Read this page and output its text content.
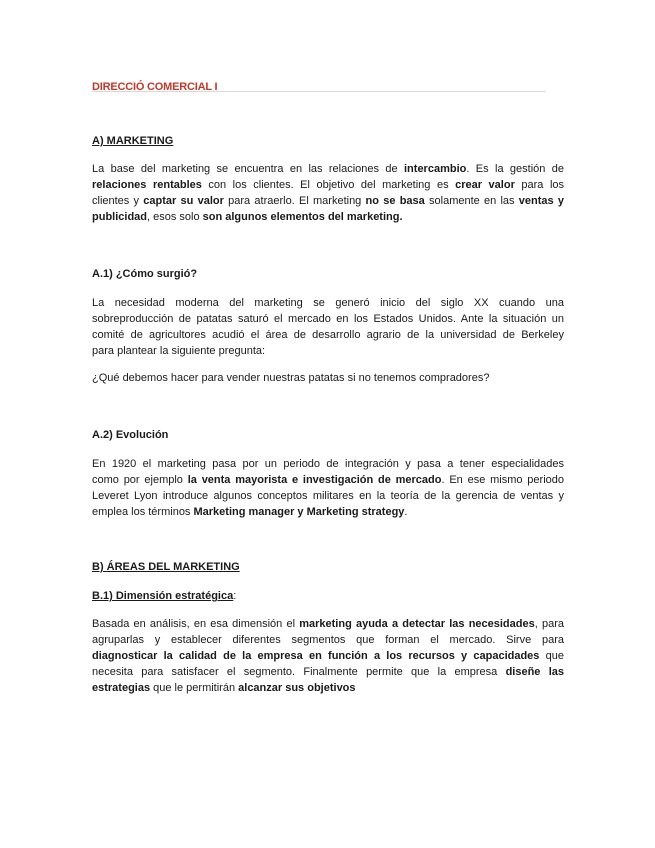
DIRECCIÓ COMERCIAL I
A) MARKETING
La base del marketing se encuentra en las relaciones de intercambio. Es la gestión de
relaciones rentables con los clientes. El objetivo del marketing es crear valor para los
clientes y captar su valor para atraerlo. El marketing no se basa solamente en las ventas y
publicidad, esos solo son algunos elementos del marketing.
A.1) ¿Cómo surgió?
La necesidad moderna del marketing se generó inicio del siglo XX cuando una
sobreproducción de patatas saturó el mercado en los Estados Unidos. Ante la situación un
comité de agricultores acudió el área de desarrollo agrario de la universidad de Berkeley
para plantear la siguiente pregunta:
¿Qué debemos hacer para vender nuestras patatas si no tenemos compradores?
A.2) Evolución
En 1920 el marketing pasa por un periodo de integración y pasa a tener especialidades
como por ejemplo la venta mayorista e investigación de mercado. En ese mismo periodo
Leveret Lyon introduce algunos conceptos militares en la teoría de la gerencia de ventas y
emplea los términos Marketing manager y Marketing strategy.
B) ÁREAS DEL MARKETING
B.1) Dimensión estratégica:
Basada en análisis, en esa dimensión el marketing ayuda a detectar las necesidades, para
agruparlas y establecer diferentes segmentos que forman el mercado. Sirve para
diagnosticar la calidad de la empresa en función a los recursos y capacidades que
necesita para satisfacer el segmento. Finalmente permite que la empresa diseñe las
estrategias que le permitirán alcanzar sus objetivos
